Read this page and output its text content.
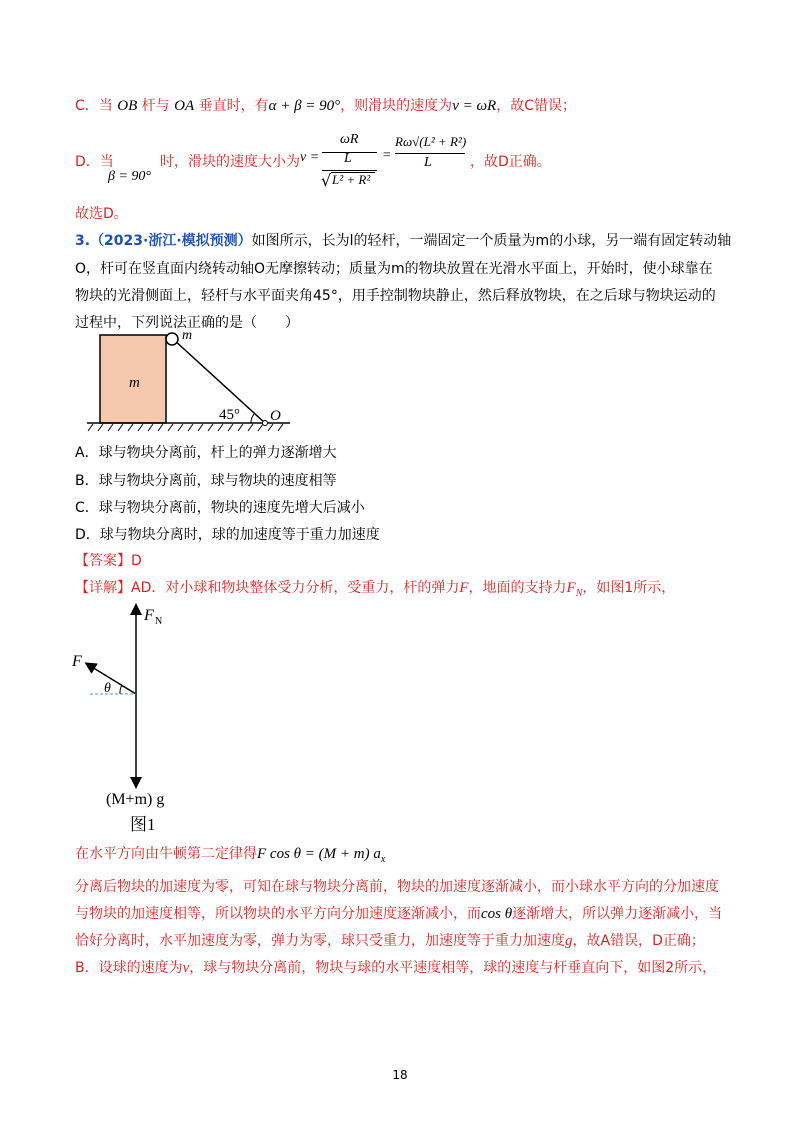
C．当 OB 杆与 OA 垂直时，有α + β = 90°，则滑块的速度为v = ωR，故C错误；
D．当	时，滑块的速度大小为
β = 90°
v =
ωR
L
√ L² + R²
=
Rω√(L² + R²)
L	，故D正确。
故选D。
3.（2023·浙江·模拟预测）如图所示，长为l的轻杆，一端固定一个质量为m的小球，另一端有固定转动轴
O，杆可在竖直面内绕转动轴O无摩擦转动；质量为m的物块放置在光滑水平面上，开始时，使小球靠在
物块的光滑侧面上，轻杆与水平面夹角45°，用手控制物块静止，然后释放物块，在之后球与物块运动的
过程中，下列说法正确的是（　　）
m
m
45° O
A．球与物块分离前，杆上的弹力逐渐增大
B．球与物块分离前，球与物块的速度相等
C．球与物块分离前，物块的速度先增大后减小
D．球与物块分离时，球的加速度等于重力加速度
【答案】D
【详解】AD．对小球和物块整体受力分析，受重力，杆的弹力F，地面的支持力$F_N$，如图1所示，
F N
F
θ
(M+m) g
图1
在水平方向由牛顿第二定律得F cos θ = (M + m) $a_x$
分离后物块的加速度为零，可知在球与物块分离前，物块的加速度逐渐减小，而小球水平方向的分加速度
与物块的加速度相等，所以物块的水平方向分加速度逐渐减小，而cos θ逐渐增大，所以弹力逐渐减小，当
恰好分离时，水平加速度为零，弹力为零，球只受重力，加速度等于重力加速度g，故A错误，D正确；
B．设球的速度为v，球与物块分离前，物块与球的水平速度相等，球的速度与杆垂直向下，如图2所示，
18
